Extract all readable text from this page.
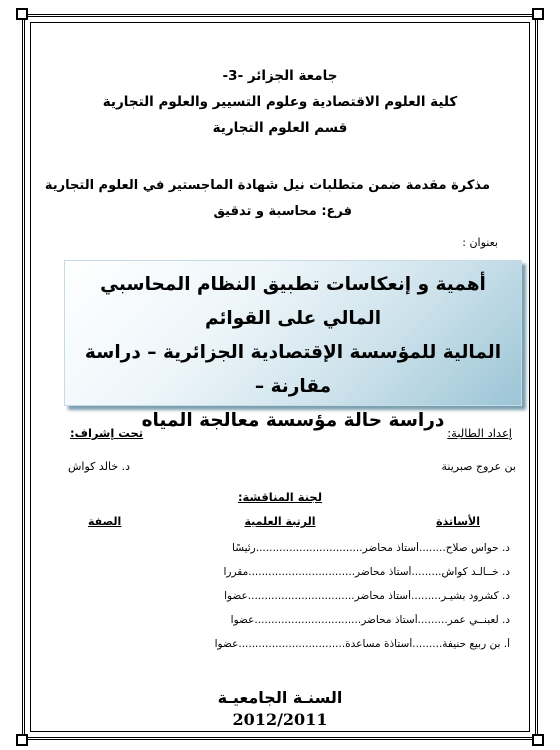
جامعة الجزائر -3-
كلية العلوم الاقتصادية وعلوم التسيير والعلوم التجارية
قسم العلوم التجارية
مذكرة مقدمة ضمن متطلبات نيل شهادة الماجستير في العلوم التجارية
فرع: محاسبة و تدقيق
بعنوان :
أهمية و إنعكاسات تطبيق النظام المحاسبي المالي على القوائم
المالية للمؤسسة الإقتصادية الجزائرية – دراسة مقارنة –
دراسة حالة مؤسسة معالجة المياه
إعداد الطالبة:
تحت إشراف:
بن عروج صبرينة
د. خالد كواش
لجنة المناقشة:
الأساتذة
الرتبة العلمية
الصفة
د. حواس صلاح........أستاذ محاضر................................رئيسًا
د. خــالـد كواش.........أستاذ محاضر................................مقررا
د. كشرود بشيـر.........أستاذ محاضر................................عضوا
د. لعبنــي عمر.........أستاذ محاضر................................عضوا
أ. بن ربيع حنيفة.........أستاذة مساعدة................................عضوا
السنـة الجامعيـة
2012/2011
